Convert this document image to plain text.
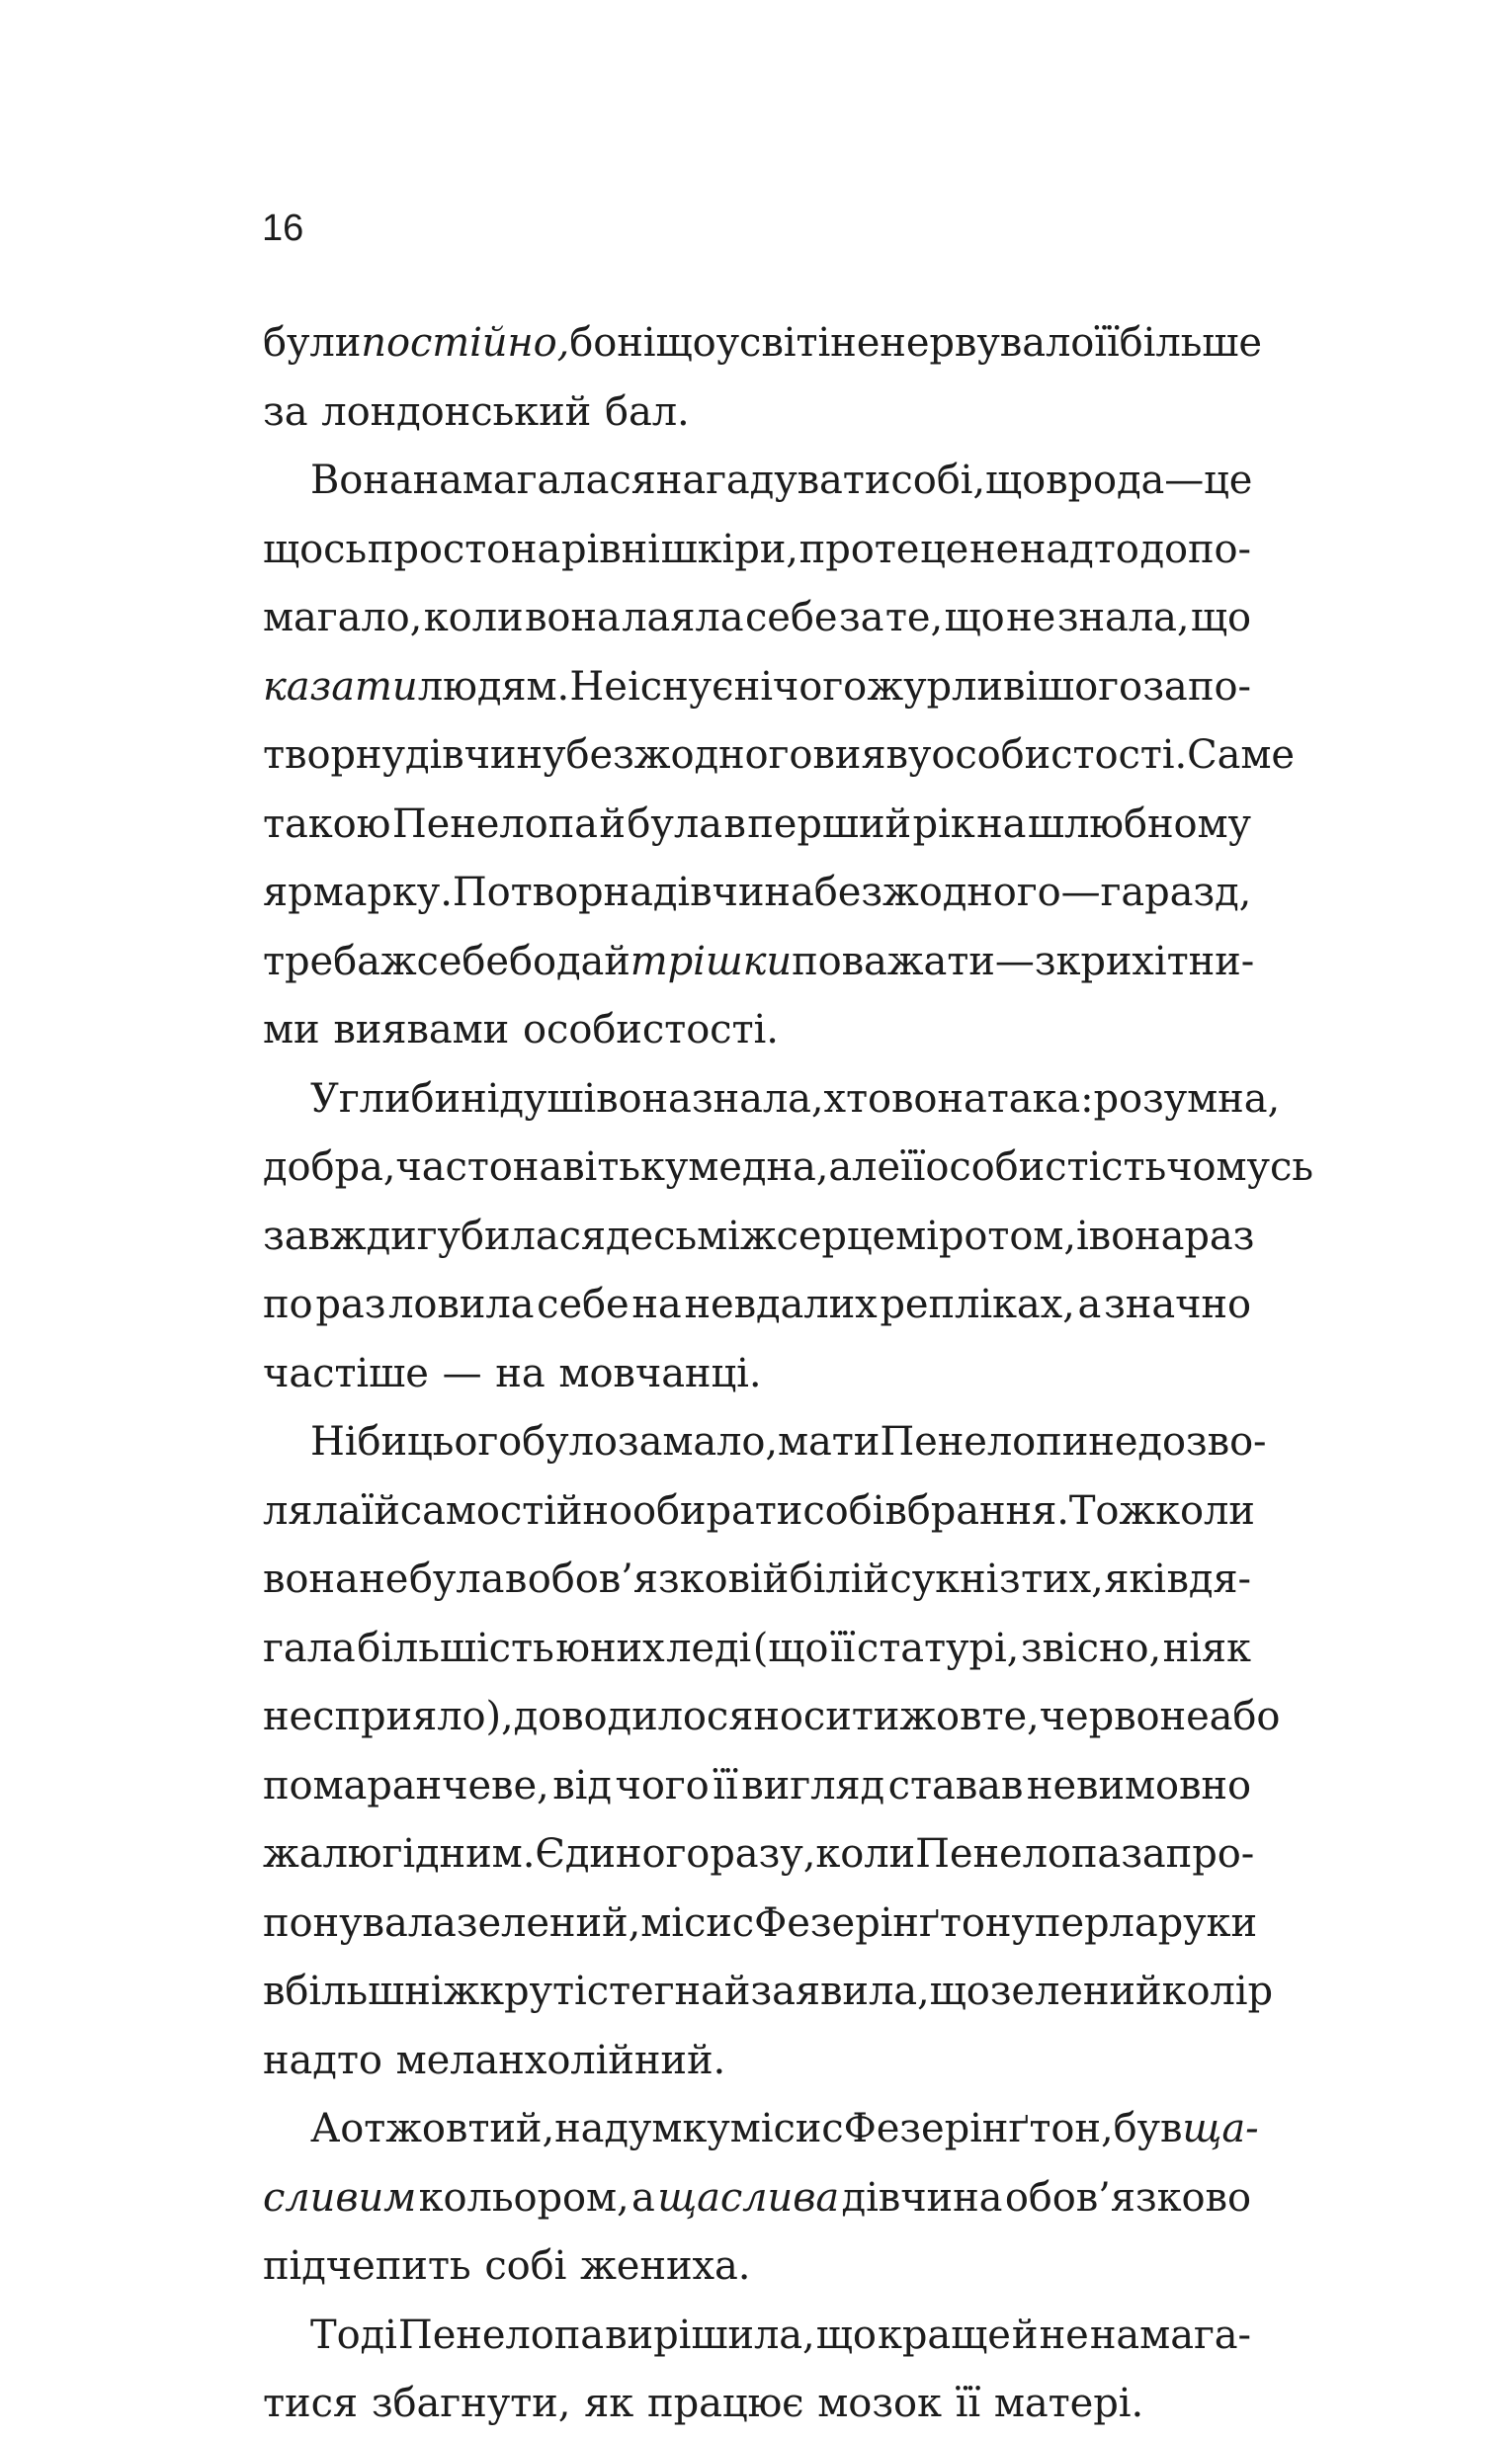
16
були постійно, бо ніщо у світі не нервувало її більше
за лондонський бал.
Вона намагалася нагадувати собі, що врода — це
щось просто на рівні шкіри, проте це не надто допо-
магало, коли вона лаяла себе за те, що не знала, що
казати людям. Не існує нічого журливішого за по-
творну дівчину без жодного вияву особистості. Саме
такою Пенелопа й була в перший рік на шлюбному
ярмарку. Потворна дівчина без жодного — гаразд,
треба ж себе бодай трішки поважати — з крихітни-
ми виявами особистості.
У глибині душі вона знала, хто вона така: розумна,
добра, часто навіть кумедна, але її особистість чомусь
завжди губилася десь між серцем і ротом, і вона раз
по раз ловила себе на невдалих репліках, а значно
частіше — на мовчанці.
Ніби цього було замало, мати Пенелопи не дозво-
ляла їй самостійно обирати собі вбрання. Тож коли
вона не була в обов’язковій білій сукні з тих, які вдя-
гала більшість юних леді (що її статурі, звісно, ніяк
не сприяло), доводилося носити жовте, червоне або
помаранчеве, від чого її вигляд ставав невимовно
жалюгідним. Єдиного разу, коли Пенелопа запро-
понувала зелений, місис Фезерінґтон уперла руки
в більш ніж круті стегна й заявила, що зелений колір
надто меланхолійний.
А от жовтий, на думку місис Фезерінґтон, був ща-
сливим кольором, а щаслива дівчина обов’язково
підчепить собі жениха.
Тоді Пенелопа вирішила, що краще й не намага-
тися збагнути, як працює мозок її матері.
